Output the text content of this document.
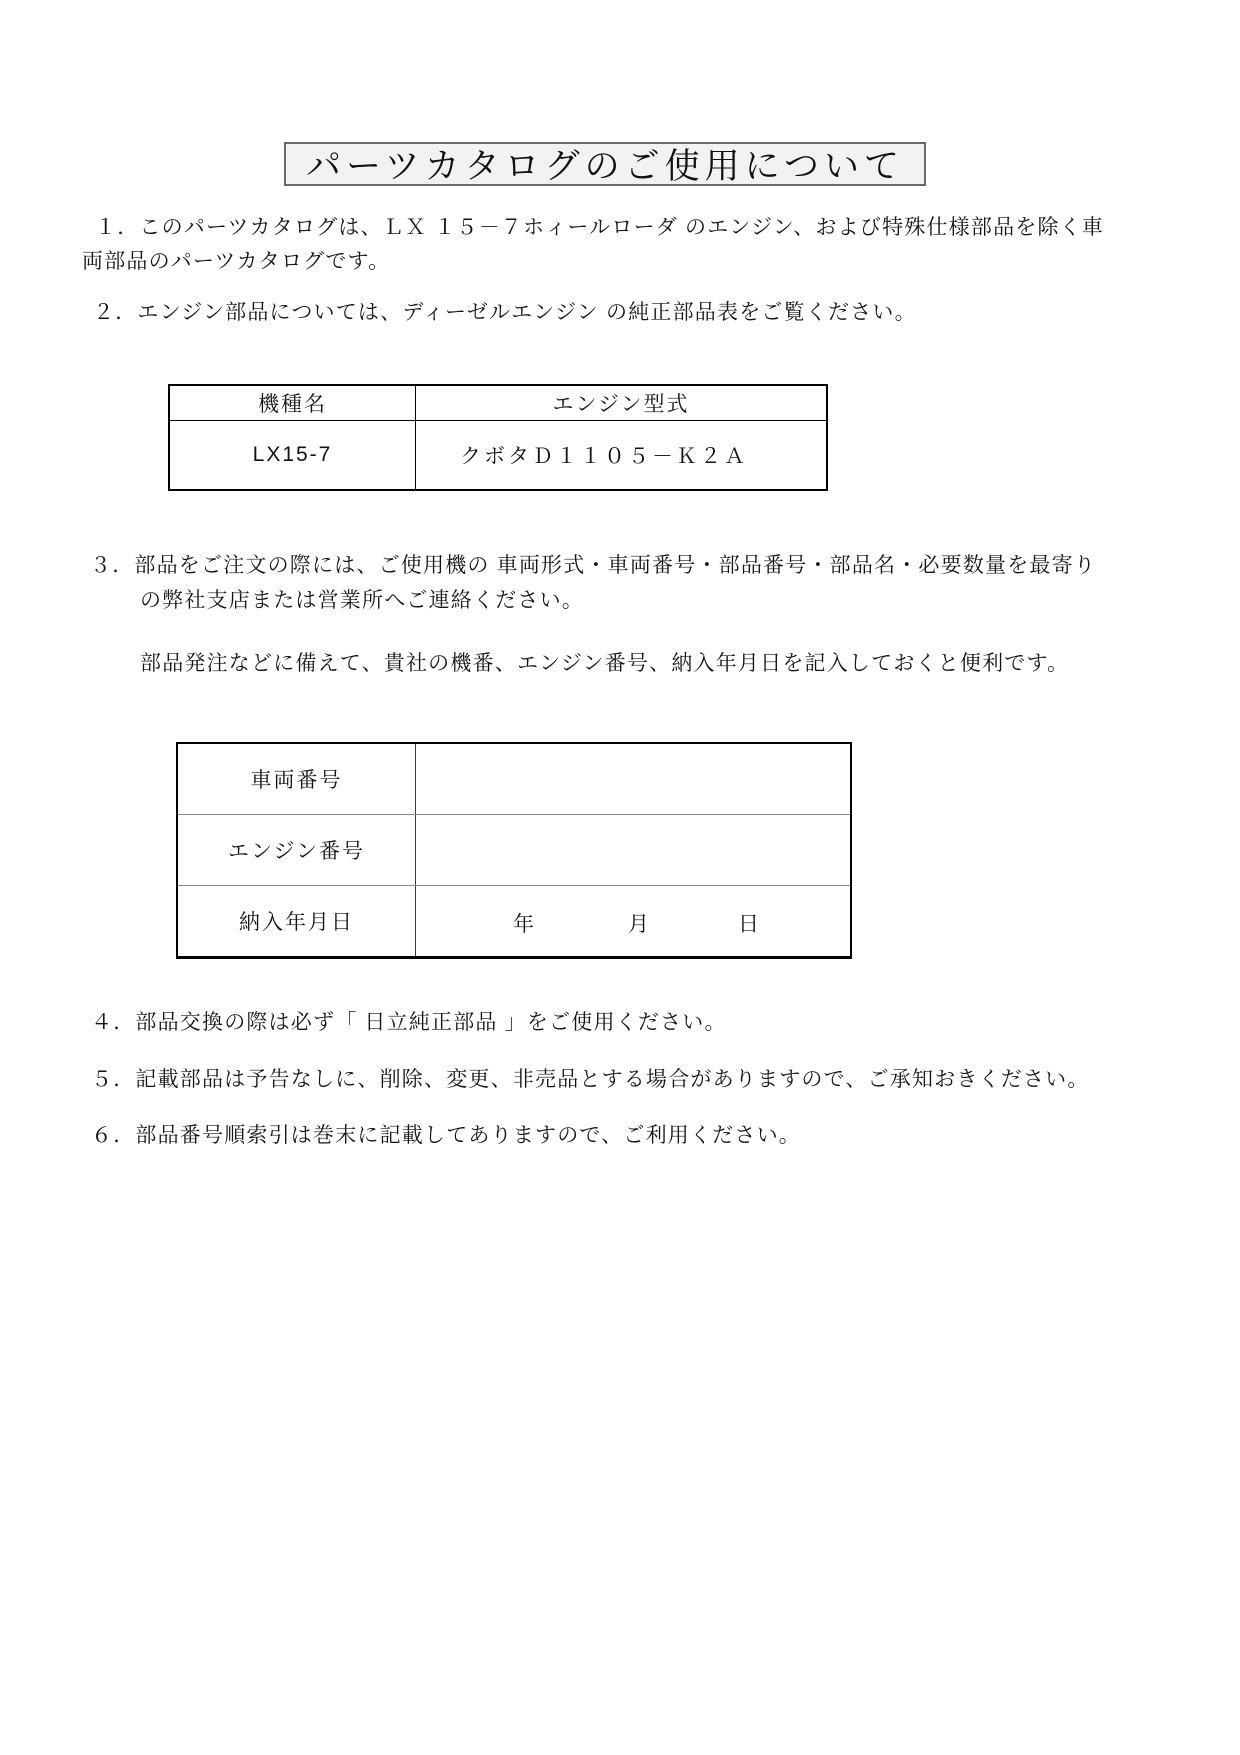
パーツカタログのご使用について

１．このパーツカタログは、ＬＸ １５－７ホィールローダ のエンジン、および特殊仕様部品を除く車

両部品のパーツカタログです。

２．エンジン部品については、ディーゼルエンジン の純正部品表をご覧ください。

機種名	エンジン型式
LX15-7	クボタＤ１１０５－Ｋ２Ａ

３．部品をご注文の際には、ご使用機の 車両形式・車両番号・部品番号・部品名・必要数量を最寄り

の弊社支店または営業所へご連絡ください。

部品発注などに備えて、貴社の機番、エンジン番号、納入年月日を記入しておくと便利です。

車両番号	
エンジン番号	
納入年月日	年 月 日

４．部品交換の際は必ず「 日立純正部品 」をご使用ください。

５．記載部品は予告なしに、削除、変更、非売品とする場合がありますので、ご承知おきください。

６．部品番号順索引は巻末に記載してありますので、ご利用ください。
